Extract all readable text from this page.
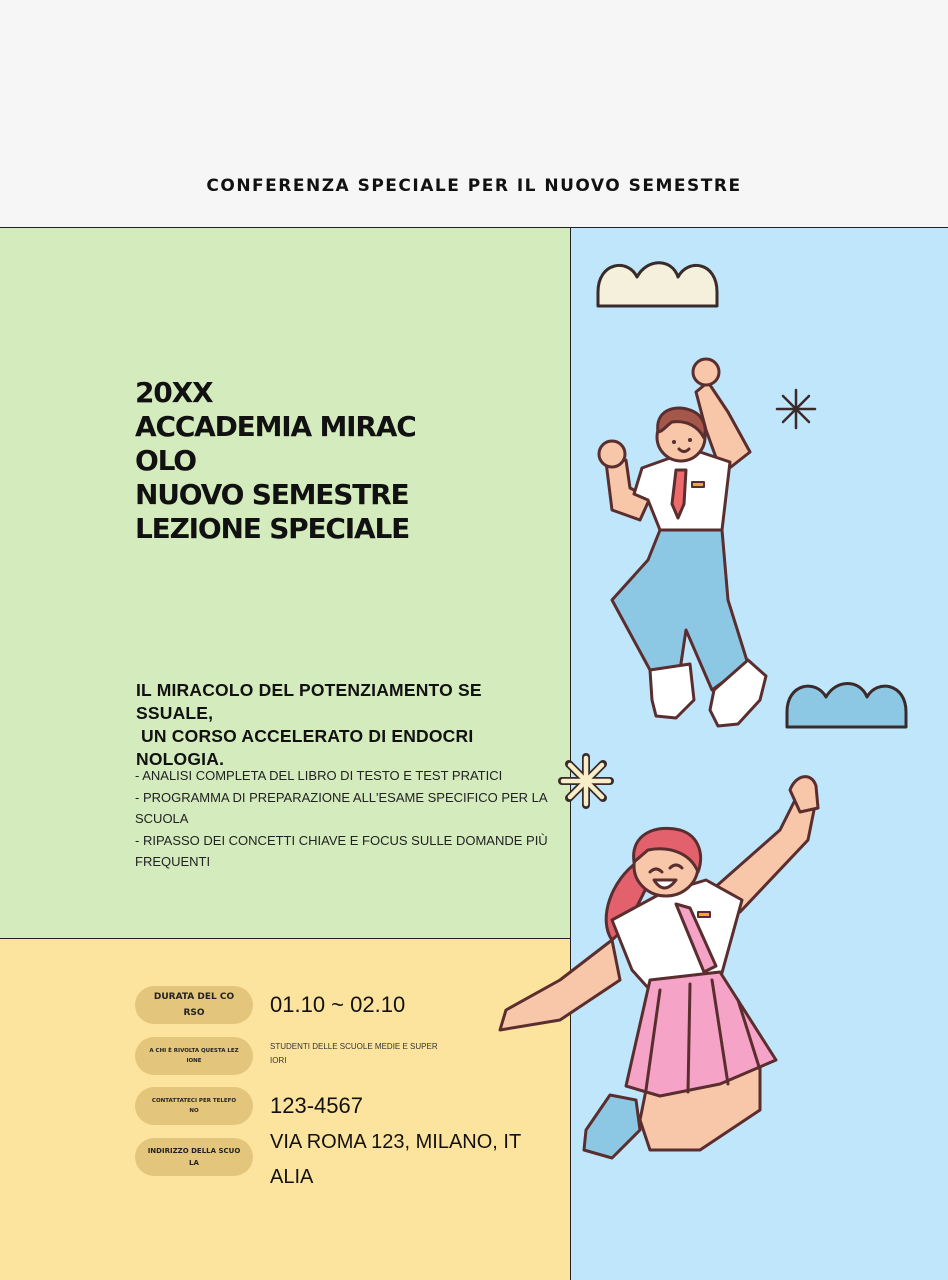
CONFERENZA SPECIALE PER IL NUOVO SEMESTRE
20XX
ACCADEMIA MIRAC
OLO
NUOVO SEMESTRE
LEZIONE SPECIALE
IL MIRACOLO DEL POTENZIAMENTO SE
SSUALE,
UN CORSO ACCELERATO DI ENDOCRI
NOLOGIA.
- ANALISI COMPLETA DEL LIBRO DI TESTO E TEST PRATICI
- PROGRAMMA DI PREPARAZIONE ALL'ESAME SPECIFICO PER LA
SCUOLA
- RIPASSO DEI CONCETTI CHIAVE E FOCUS SULLE DOMANDE PIÙ
FREQUENTI
DURATA DEL CO
RSO	01.10 ~ 02.10
A CHI È RIVOLTA QUESTA LEZ
IONE
STUDENTI DELLE SCUOLE MEDIE E SUPER
IORI
CONTATTATECI PER TELEFO
NO	123-4567
INDIRIZZO DELLA SCUO
LA
VIA ROMA 123, MILANO, IT
ALIA
